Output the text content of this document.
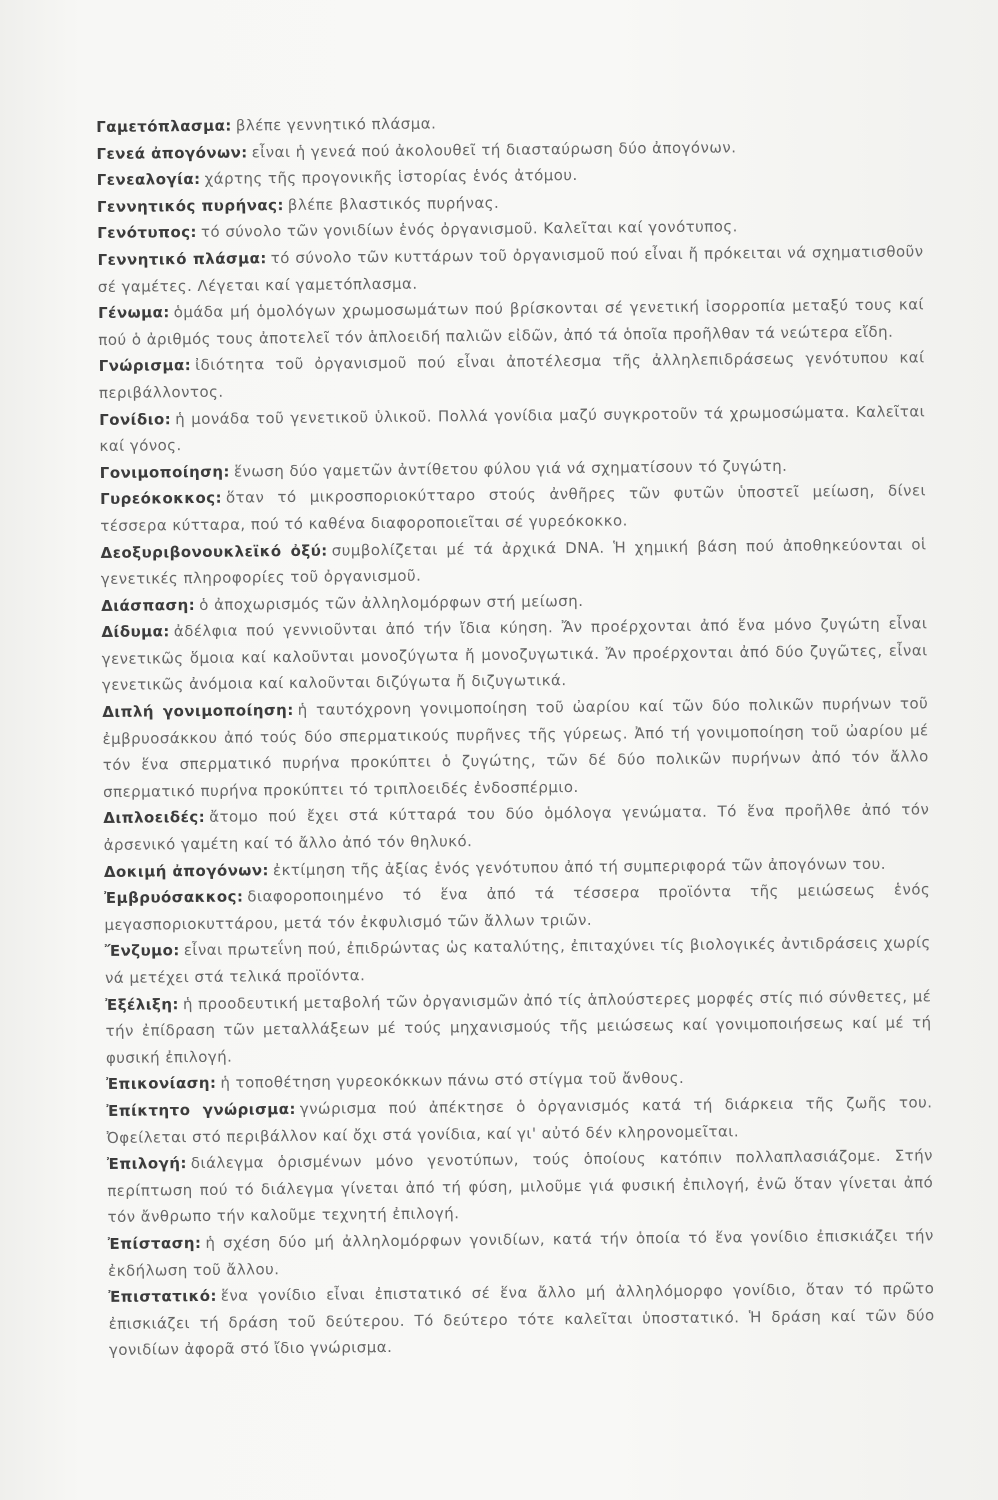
Γαμετόπλασμα: βλέπε γεννητικό πλάσμα.

Γενεά ἀπογόνων: εἶναι ἡ γενεά πού ἀκολουθεῖ τή διασταύρωση δύο ἀπογόνων.

Γενεαλογία: χάρτης τῆς προγονικῆς ἱστορίας ἑνός ἀτόμου.

Γεννητικός πυρήνας: βλέπε βλαστικός πυρήνας.

Γενότυπος: τό σύνολο τῶν γονιδίων ἑνός ὀργανισμοῦ. Καλεῖται καί γονότυπος.

Γεννητικό πλάσμα: τό σύνολο τῶν κυττάρων τοῦ ὀργανισμοῦ πού εἶναι ἤ πρόκειται νά σχηματισθοῦν σέ γαμέτες. Λέγεται καί γαμετόπλασμα.

Γένωμα: ὁμάδα μή ὁμολόγων χρωμοσωμάτων πού βρίσκονται σέ γενετική ἰσορροπία μεταξύ τους καί πού ὁ ἀριθμός τους ἀποτελεῖ τόν ἁπλοειδή παλιῶν εἰδῶν, ἀπό τά ὁποῖα προῆλθαν τά νεώτερα εἴδη.

Γνώρισμα: ἰδιότητα τοῦ ὀργανισμοῦ πού εἶναι ἀποτέλεσμα τῆς ἀλληλεπιδράσεως γενότυπου καί περιβάλλοντος.

Γονίδιο: ἡ μονάδα τοῦ γενετικοῦ ὑλικοῦ. Πολλά γονίδια μαζύ συγκροτοῦν τά χρωμοσώματα. Καλεῖται καί γόνος.

Γονιμοποίηση: ἕνωση δύο γαμετῶν ἀντίθετου φύλου γιά νά σχηματίσουν τό ζυγώτη.

Γυρεόκοκκος: ὅταν τό μικροσποριοκύτταρο στούς ἀνθῆρες τῶν φυτῶν ὑποστεῖ μείωση, δίνει τέσσερα κύτταρα, πού τό καθένα διαφοροποιεῖται σέ γυρεόκοκκο.

Δεοξυριβονουκλεϊκό ὀξύ: συμβολίζεται μέ τά ἀρχικά DNA. Ἡ χημική βάση πού ἀποθηκεύονται οἱ γενετικές πληροφορίες τοῦ ὀργανισμοῦ.

Διάσπαση: ὁ ἀποχωρισμός τῶν ἀλληλομόρφων στή μείωση.

Δίδυμα: ἀδέλφια πού γεννιοῦνται ἀπό τήν ἴδια κύηση. Ἄν προέρχονται ἀπό ἕνα μόνο ζυγώτη εἶναι γενετικῶς ὅμοια καί καλοῦνται μονοζύγωτα ἤ μονοζυγωτικά. Ἄν προέρχονται ἀπό δύο ζυγῶτες, εἶναι γενετικῶς ἀνόμοια καί καλοῦνται διζύγωτα ἤ διζυγωτικά.

Διπλή γονιμοποίηση: ἡ ταυτόχρονη γονιμοποίηση τοῦ ὠαρίου καί τῶν δύο πολικῶν πυρήνων τοῦ ἐμβρυοσάκκου ἀπό τούς δύο σπερματικούς πυρῆνες τῆς γύρεως. Ἀπό τή γονιμοποίηση τοῦ ὠαρίου μέ τόν ἕνα σπερματικό πυρήνα προκύπτει ὁ ζυγώτης, τῶν δέ δύο πολικῶν πυρήνων ἀπό τόν ἄλλο σπερματικό πυρήνα προκύπτει τό τριπλοειδές ἐνδοσπέρμιο.

Διπλοειδές: ἄτομο πού ἔχει στά κύτταρά του δύο ὁμόλογα γενώματα. Τό ἕνα προῆλθε ἀπό τόν ἀρσενικό γαμέτη καί τό ἄλλο ἀπό τόν θηλυκό.

Δοκιμή ἀπογόνων: ἐκτίμηση τῆς ἀξίας ἑνός γενότυπου ἀπό τή συμπεριφορά τῶν ἀπογόνων του.

Ἐμβρυόσακκος: διαφοροποιημένο τό ἕνα ἀπό τά τέσσερα προϊόντα τῆς μειώσεως ἑνός μεγασποριοκυττάρου, μετά τόν ἐκφυλισμό τῶν ἄλλων τριῶν.

Ἔνζυμο: εἶναι πρωτεΐνη πού, ἐπιδρώντας ὡς καταλύτης, ἐπιταχύνει τίς βιολογικές ἀντιδράσεις χωρίς νά μετέχει στά τελικά προϊόντα.

Ἐξέλιξη: ἡ προοδευτική μεταβολή τῶν ὀργανισμῶν ἀπό τίς ἁπλούστερες μορφές στίς πιό σύνθετες, μέ τήν ἐπίδραση τῶν μεταλλάξεων μέ τούς μηχανισμούς τῆς μειώσεως καί γονιμοποιήσεως καί μέ τή φυσική ἐπιλογή.

Ἐπικονίαση: ἡ τοποθέτηση γυρεοκόκκων πάνω στό στίγμα τοῦ ἄνθους.

Ἐπίκτητο γνώρισμα: γνώρισμα πού ἀπέκτησε ὁ ὀργανισμός κατά τή διάρκεια τῆς ζωῆς του. Ὀφείλεται στό περιβάλλον καί ὄχι στά γονίδια, καί γι' αὐτό δέν κληρονομεῖται.

Ἐπιλογή: διάλεγμα ὁρισμένων μόνο γενοτύπων, τούς ὁποίους κατόπιν πολλαπλασιάζομε. Στήν περίπτωση πού τό διάλεγμα γίνεται ἀπό τή φύση, μιλοῦμε γιά φυσική ἐπιλογή, ἐνῶ ὅταν γίνεται ἀπό τόν ἄνθρωπο τήν καλοῦμε τεχνητή ἐπιλογή.

Ἐπίσταση: ἡ σχέση δύο μή ἀλληλομόρφων γονιδίων, κατά τήν ὁποία τό ἕνα γονίδιο ἐπισκιάζει τήν ἐκδήλωση τοῦ ἄλλου.

Ἐπιστατικό: ἕνα γονίδιο εἶναι ἐπιστατικό σέ ἕνα ἄλλο μή ἀλληλόμορφο γονίδιο, ὅταν τό πρῶτο ἐπισκιάζει τή δράση τοῦ δεύτερου. Τό δεύτερο τότε καλεῖται ὑποστατικό. Ἡ δράση καί τῶν δύο γονιδίων ἀφορᾶ στό ἴδιο γνώρισμα.
